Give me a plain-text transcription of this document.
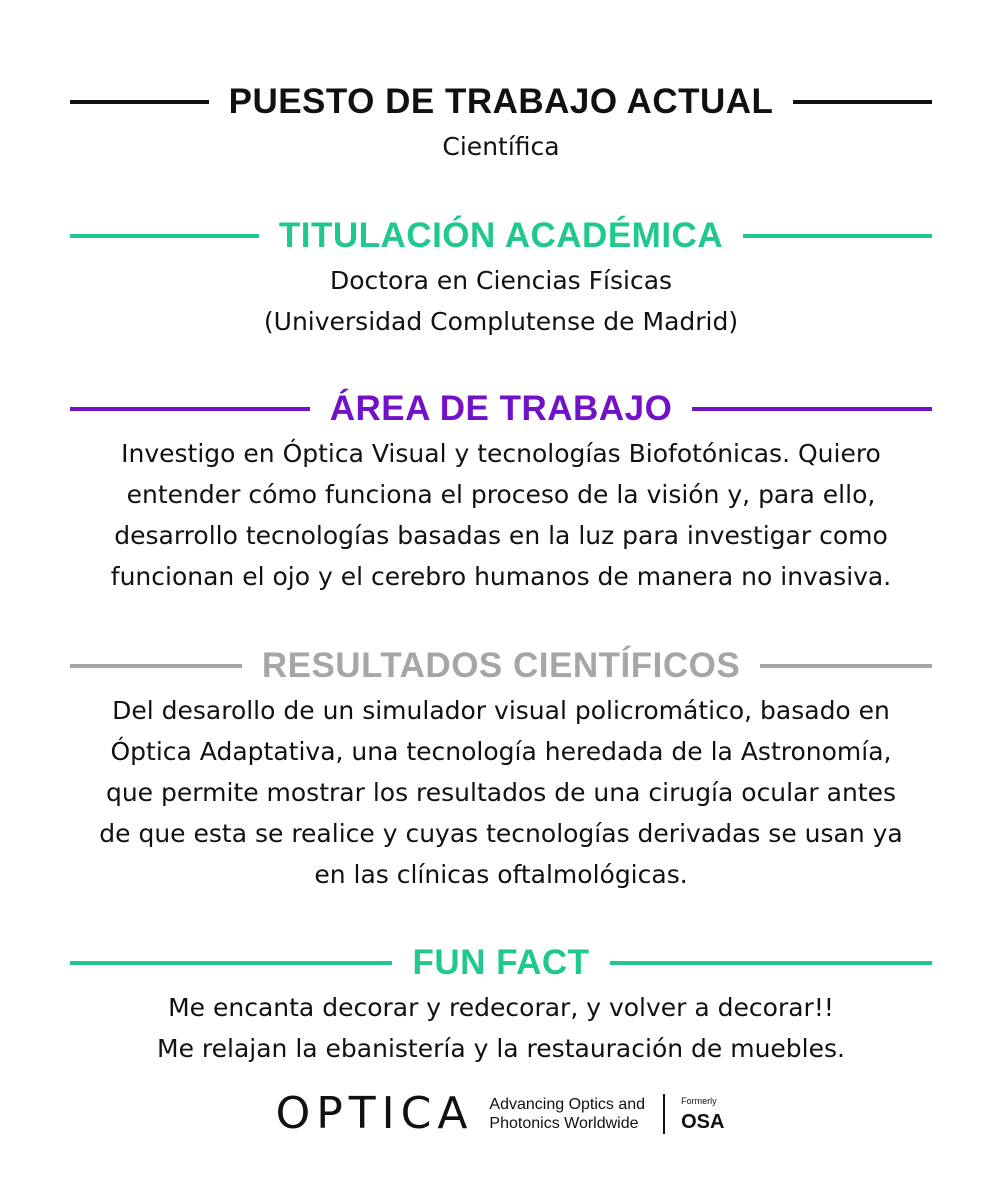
PUESTO DE TRABAJO ACTUAL

Científica

TITULACIÓN ACADÉMICA

Doctora en Ciencias Físicas

(Universidad Complutense de Madrid)

ÁREA DE TRABAJO

Investigo en Óptica Visual y tecnologías Biofotónicas. Quiero

entender cómo funciona el proceso de la visión y, para ello,

desarrollo tecnologías basadas en la luz para investigar como

funcionan el ojo y el cerebro humanos de manera no invasiva.

RESULTADOS CIENTÍFICOS

Del desarollo de un simulador visual policromático, basado en

Óptica Adaptativa, una tecnología heredada de la Astronomía,

que permite mostrar los resultados de una cirugía ocular antes

de que esta se realice y cuyas tecnologías derivadas se usan ya

en las clínicas oftalmológicas.

FUN FACT

Me encanta decorar y redecorar, y volver a decorar!!

Me relajan la ebanistería y la restauración de muebles.

OPTICA Advancing Optics and
Photonics Worldwide
Formerly
OSA
